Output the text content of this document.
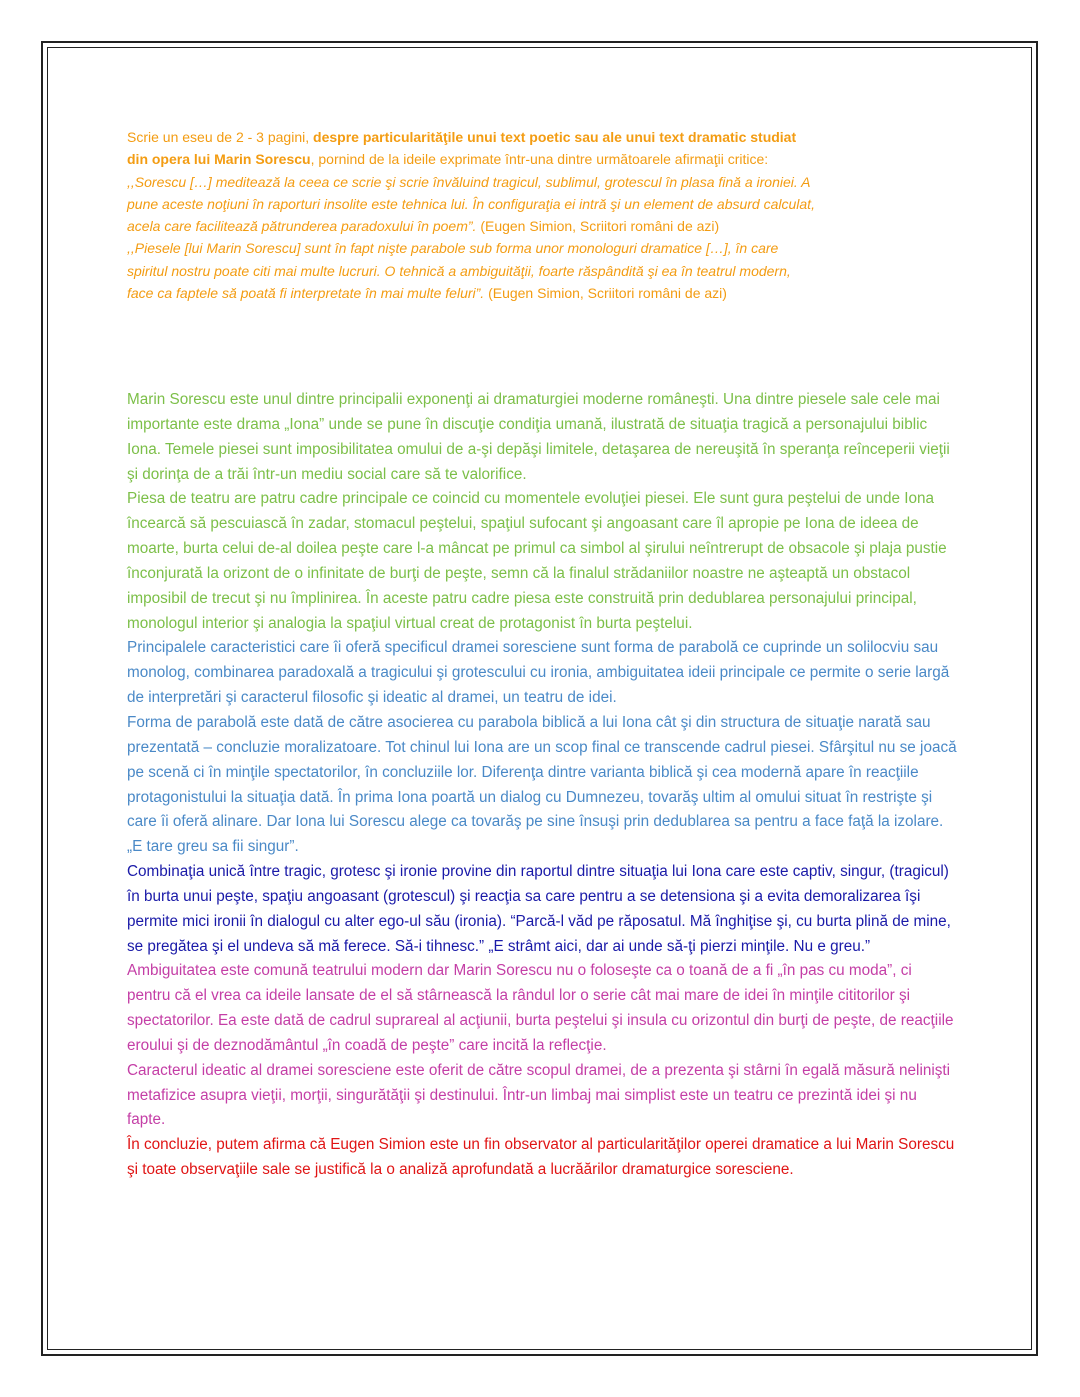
Scrie un eseu de 2 - 3 pagini, despre particularităţile unui text poetic sau ale unui text dramatic studiat din opera lui Marin Sorescu, pornind de la ideile exprimate într-una dintre următoarele afirmaţii critice:

,,Sorescu […] meditează la ceea ce scrie şi scrie învăluind tragicul, sublimul, grotescul în plasa fină a ironiei. A pune aceste noţiuni în raporturi insolite este tehnica lui. În configuraţia ei intră şi un element de absurd calculat, acela care facilitează pătrunderea paradoxului în poem”. (Eugen Simion, Scriitori români de azi)

,,Piesele [lui Marin Sorescu] sunt în fapt nişte parabole sub forma unor monologuri dramatice […], în care spiritul nostru poate citi mai multe lucruri. O tehnică a ambiguităţii, foarte răspândită şi ea în teatrul modern, face ca faptele să poată fi interpretate în mai multe feluri”. (Eugen Simion, Scriitori români de azi)

Marin Sorescu este unul dintre principalii exponenţi ai dramaturgiei moderne româneşti. Una dintre piesele sale cele mai importante este drama „Iona” unde se pune în discuţie condiţia umană, ilustrată de situaţia tragică a personajului biblic Iona. Temele piesei sunt imposibilitatea omului de a-şi depăşi limitele, detaşarea de nereuşită în speranţa reînceperii vieţii şi dorinţa de a trăi într-un mediu social care să te valorifice.

Piesa de teatru are patru cadre principale ce coincid cu momentele evoluţiei piesei. Ele sunt gura peştelui de unde Iona încearcă să pescuiască în zadar, stomacul peştelui, spaţiul sufocant şi angoasant care îl apropie pe Iona de ideea de moarte, burta celui de-al doilea peşte care l-a mâncat pe primul ca simbol al şirului neîntrerupt de obsacole şi plaja pustie înconjurată la orizont de o infinitate de burţi de peşte, semn că la finalul strădaniilor noastre ne aşteaptă un obstacol imposibil de trecut şi nu împlinirea. În aceste patru cadre piesa este construită prin dedublarea personajului principal, monologul interior şi analogia la spaţiul virtual creat de protagonist în burta peştelui.

Principalele caracteristici care îi oferă specificul dramei sorescienе sunt forma de parabolă ce cuprinde un solilocviu sau monolog, combinarea paradoxală a tragicului şi grotescului cu ironia, ambiguitatea ideii principale ce permite o serie largă de interpretări şi caracterul filosofic şi ideatic al dramei, un teatru de idei.

Forma de parabolă este dată de către asocierea cu parabola biblică a lui Iona cât şi din structura de situaţie narată sau prezentată – concluzie moralizatoare. Tot chinul lui Iona are un scop final ce transcende cadrul piesei. Sfârşitul nu se joacă pe scenă ci în minţile spectatorilor, în concluziile lor. Diferenţa dintre varianta biblică şi cea modernă apare în reacţiile protagonistului la situaţia dată. În prima Iona poartă un dialog cu Dumnezeu, tovarăş ultim al omului situat în restrişte şi care îi oferă alinare. Dar Iona lui Sorescu alege ca tovarăş pe sine însuşi prin dedublarea sa pentru a face faţă la izolare. „E tare greu sa fii singur”.

Combinaţia unică între tragic, grotesc şi ironie provine din raportul dintre situaţia lui Iona care este captiv, singur, (tragicul) în burta unui peşte, spaţiu angoasant (grotescul) şi reacţia sa care pentru a se detensiona şi a evita demoralizarea îşi permite mici ironii în dialogul cu alter ego-ul său (ironia). “Parcă-l văd pe răposatul. Mă înghiţise şi, cu burta plină de mine, se pregătea şi el undeva să mă ferece. Să-i tihnesc.” „E strâmt aici, dar ai unde să-ţi pierzi minţile. Nu e greu.”

Ambiguitatea este comună teatrului modern dar Marin Sorescu nu o foloseşte ca o toană de a fi „în pas cu moda”, ci pentru că el vrea ca ideile lansate de el să stârnească la rândul lor o serie cât mai mare de idei în minţile cititorilor şi spectatorilor. Ea este dată de cadrul suprareal al acţiunii, burta peştelui şi insula cu orizontul din burţi de peşte, de reacţiile eroului şi de deznodământul „în coadă de peşte” care incită la reflecţie.

Caracterul ideatic al dramei sorescienе este oferit de către scopul dramei, de a prezenta şi stârni în egală măsură nelinişti metafizice asupra vieţii, morţii, singurătăţii şi destinului. Într-un limbaj mai simplist este un teatru ce prezintă idei şi nu fapte.

În concluzie, putem afirma că Eugen Simion este un fin observator al particularităţilor operei dramatice a lui Marin Sorescu şi toate observaţiile sale se justifică la o analiză aprofundată a lucrăărilor dramaturgice sorescienе.
